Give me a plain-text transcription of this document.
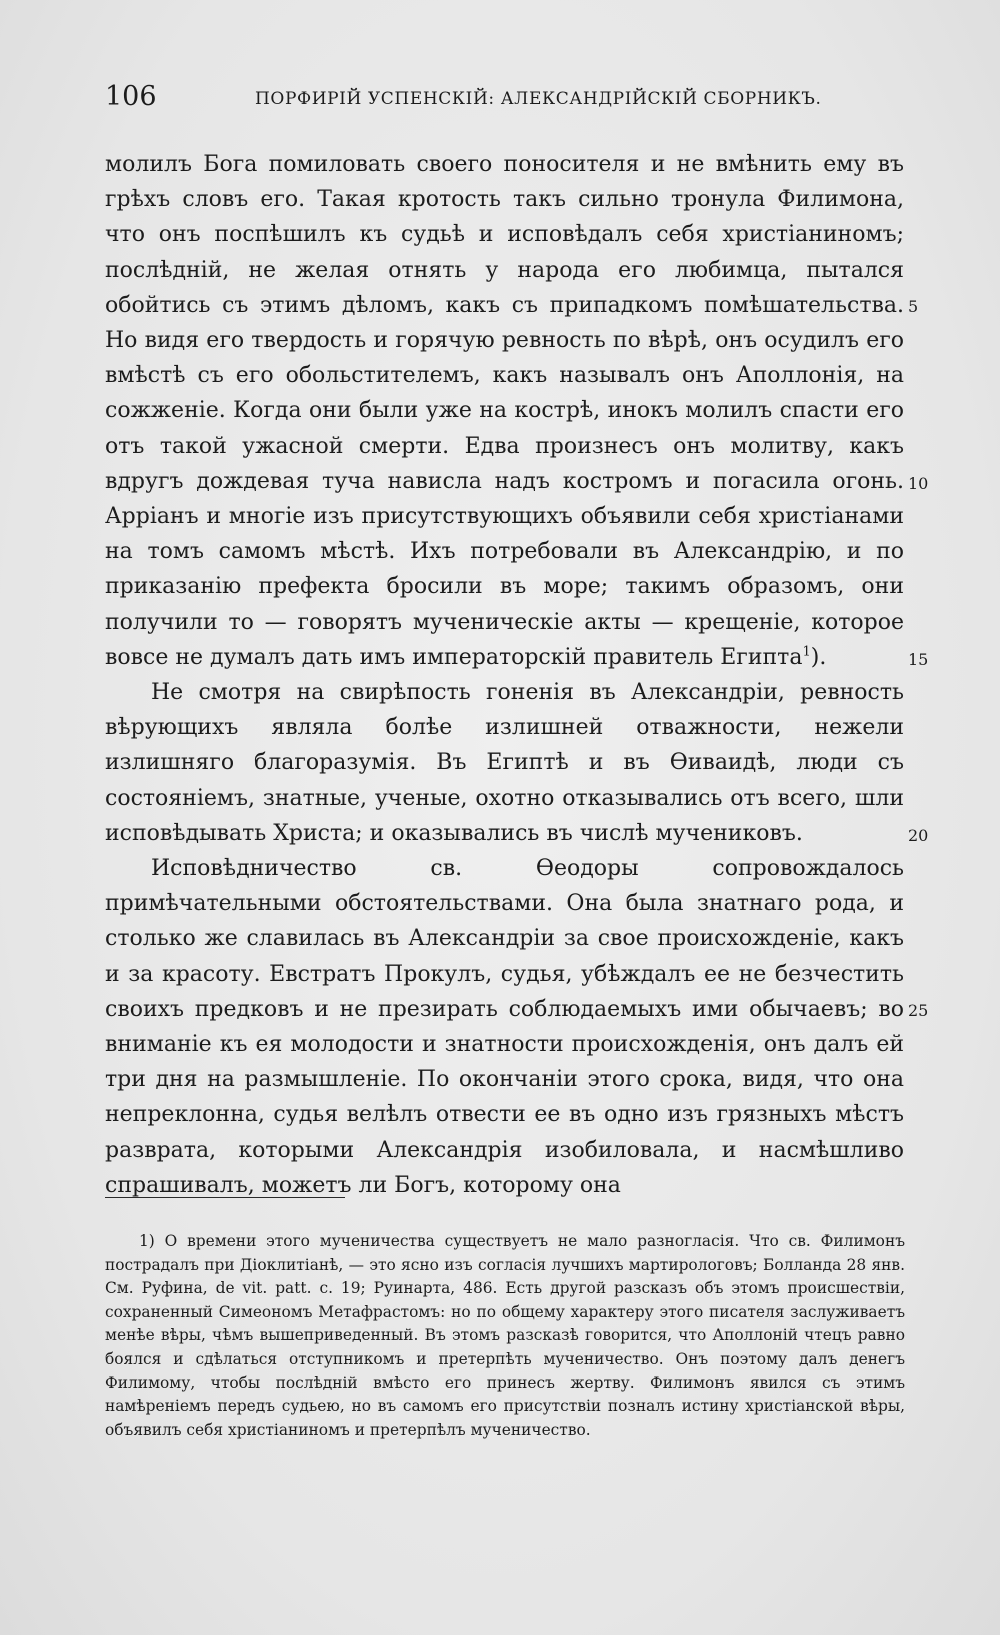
106	ПОРФИРІЙ УСПЕНСКІЙ: АЛЕКСАНДРІЙСКІЙ СБОРНИКЪ.

молилъ Бога помиловать своего поносителя и не вмѣнить ему въ грѣхъ словъ его. Такая кротость такъ сильно тронула Филимона, что онъ поспѣшилъ къ судьѣ и исповѣдалъ себя христіаниномъ; послѣдній, не желая отнять у народа его любимца, пытался обойтись съ этимъ дѣломъ, какъ съ припадкомъ помѣшательства. Но видя его твердость и горячую ревность по вѣрѣ, онъ осудилъ его вмѣстѣ съ его обольстителемъ, какъ называлъ онъ Аполлонія, на сожженіе. Когда они были уже на кострѣ, инокъ молилъ спасти его отъ такой ужасной смерти. Едва произнесъ онъ молитву, какъ вдругъ дождевая туча нависла надъ костромъ и погасила огонь. Арріанъ и многіе изъ присутствующихъ объявили себя христіанами на томъ самомъ мѣстѣ. Ихъ потребовали въ Александрію, и по приказанію префекта бросили въ море; такимъ образомъ, они получили то — говорятъ мученическіе акты — крещеніе, которое вовсе не думалъ дать имъ императорскій правитель Египта$^1$).

Не смотря на свирѣпость гоненія въ Александріи, ревность вѣрующихъ являла болѣе излишней отважности, нежели излишняго благоразумія. Въ Египтѣ и въ Ѳиваидѣ, люди съ состояніемъ, знатные, ученые, охотно отказывались отъ всего, шли исповѣдывать Христа; и оказывались въ числѣ мучениковъ.

Исповѣдничество св. Ѳеодоры сопровождалось примѣчательными обстоятельствами. Она была знатнаго рода, и столько же славилась въ Александріи за свое происхожденіе, какъ и за красоту. Евстратъ Прокулъ, судья, убѣждалъ ее не безчестить своихъ предковъ и не презирать соблюдаемыхъ ими обычаевъ; во вниманіе къ ея молодости и знатности происхожденія, онъ далъ ей три дня на размышленіе. По окончаніи этого срока, видя, что она непреклонна, судья велѣлъ отвести ее въ одно изъ грязныхъ мѣстъ разврата, которыми Александрія изобиловала, и насмѣшливо спрашивалъ, можетъ ли Богъ, которому она

5
10
15
20
25

1) О времени этого мученичества существуетъ не мало разногласія. Что св. Филимонъ пострадалъ при Діоклитіанѣ, — это ясно изъ согласія лучшихъ мартирологовъ; Болланда 28 янв. См. Руфина, de vit. patt. c. 19; Руинарта, 486. Есть другой разсказъ объ этомъ происшествіи, сохраненный Симеономъ Метафрастомъ: но по общему характеру этого писателя заслуживаетъ менѣе вѣры, чѣмъ вышеприведенный. Въ этомъ разсказѣ говорится, что Аполлоній чтецъ равно боялся и сдѣлаться отступникомъ и претерпѣть мученичество. Онъ поэтому далъ денегъ Филимому, чтобы послѣдній вмѣсто его принесъ жертву. Филимонъ явился съ этимъ намѣреніемъ передъ судьею, но въ самомъ его присутствіи позналъ истину христіанской вѣры, объявилъ себя христіаниномъ и претерпѣлъ мученичество.
